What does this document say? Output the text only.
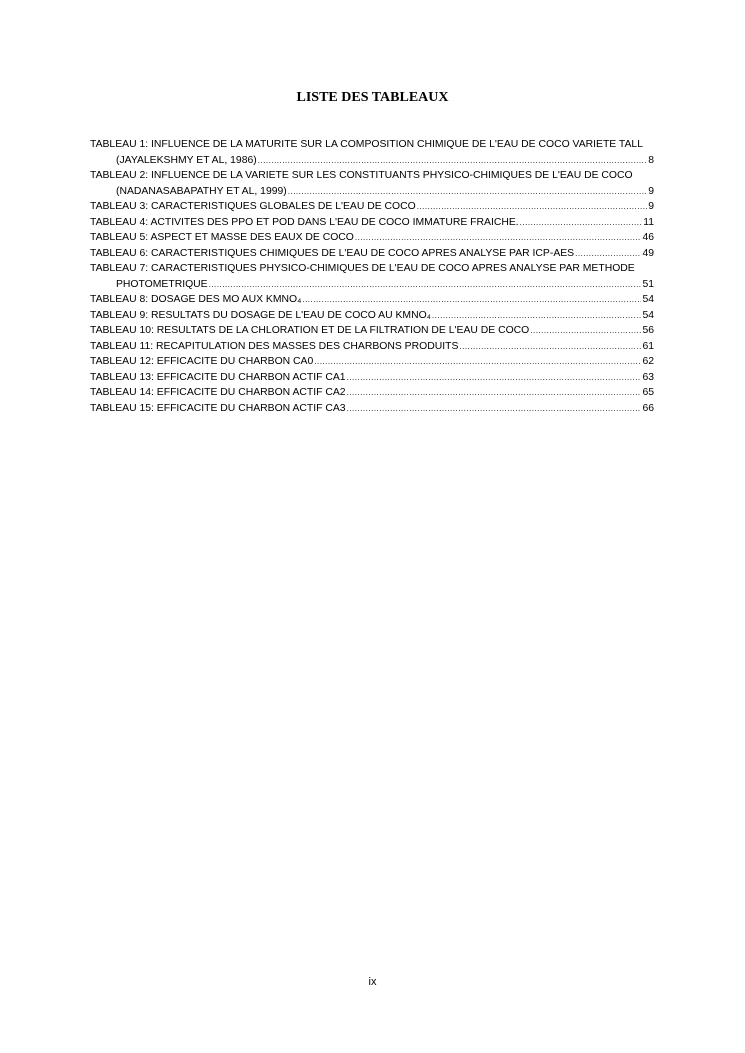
LISTE DES TABLEAUX
TABLEAU 1: INFLUENCE DE LA MATURITE SUR LA COMPOSITION CHIMIQUE DE L'EAU DE COCO VARIETE TALL
(JAYALEKSHMY ET AL, 1986) .....	8
TABLEAU 2: INFLUENCE DE LA VARIETE SUR LES CONSTITUANTS PHYSICO-CHIMIQUES DE L'EAU DE COCO
(NADANASABAPATHY ET AL, 1999) .....	9
TABLEAU 3: CARACTERISTIQUES GLOBALES DE L'EAU DE COCO .....	9
TABLEAU 4: ACTIVITES DES PPO ET POD DANS L'EAU DE COCO IMMATURE FRAICHE. .....	11
TABLEAU 5: ASPECT ET MASSE DES EAUX DE COCO .....	46
TABLEAU 6: CARACTERISTIQUES CHIMIQUES DE L'EAU DE COCO APRES ANALYSE PAR ICP-AES .....	49
TABLEAU 7: CARACTERISTIQUES PHYSICO-CHIMIQUES DE L'EAU DE COCO APRES ANALYSE PAR METHODE
PHOTOMETRIQUE .....	51
TABLEAU 8: DOSAGE DES MO AUX KMNO₄ .....	54
TABLEAU 9: RESULTATS DU DOSAGE DE L'EAU DE COCO AU KMNO₄ .....	54
TABLEAU 10: RESULTATS DE LA CHLORATION ET DE LA FILTRATION DE L'EAU DE COCO .....	56
TABLEAU 11: RECAPITULATION DES MASSES DES CHARBONS PRODUITS .....	61
TABLEAU 12: EFFICACITE DU CHARBON CA0 .....	62
TABLEAU 13: EFFICACITE DU CHARBON ACTIF CA1 .....	63
TABLEAU 14: EFFICACITE DU CHARBON ACTIF CA2 .....	65
TABLEAU 15: EFFICACITE DU CHARBON ACTIF CA3 .....	66
ix
